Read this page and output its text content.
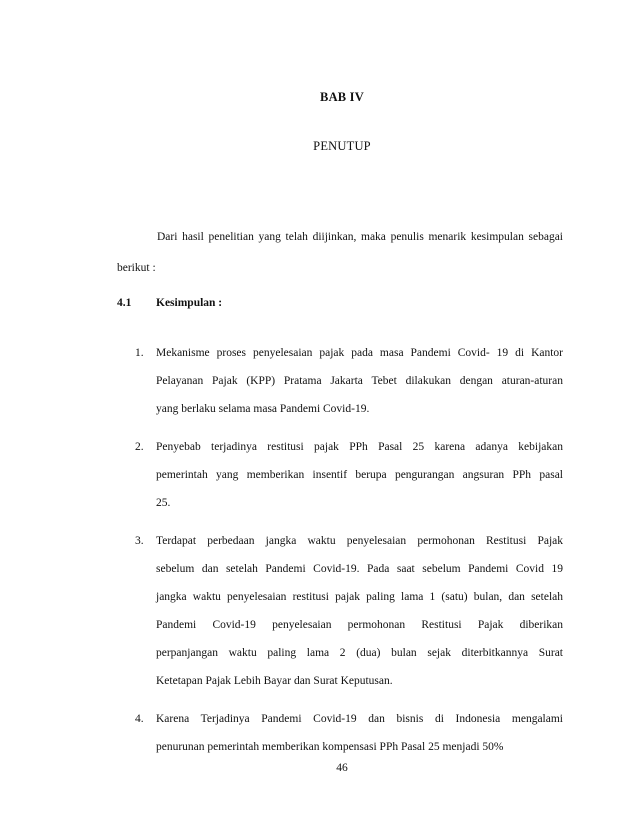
BAB IV
PENUTUP

Dari hasil penelitian yang telah diijinkan, maka penulis menarik kesimpulan sebagai berikut :

4.1 Kesimpulan :
1. Mekanisme proses penyelesaian pajak pada masa Pandemi Covid- 19 di Kantor
Pelayanan Pajak (KPP) Pratama Jakarta Tebet dilakukan dengan aturan-aturan
yang berlaku selama masa Pandemi Covid-19.
2. Penyebab terjadinya restitusi pajak PPh Pasal 25 karena adanya kebijakan
pemerintah yang memberikan insentif berupa pengurangan angsuran PPh pasal
25.
3. Terdapat perbedaan jangka waktu penyelesaian permohonan Restitusi Pajak
sebelum dan setelah Pandemi Covid-19. Pada saat sebelum Pandemi Covid 19
jangka waktu penyelesaian restitusi pajak paling lama 1 (satu) bulan, dan setelah
Pandemi Covid-19 penyelesaian permohonan Restitusi Pajak diberikan
perpanjangan waktu paling lama 2 (dua) bulan sejak diterbitkannya Surat
Ketetapan Pajak Lebih Bayar dan Surat Keputusan.
4. Karena Terjadinya Pandemi Covid-19 dan bisnis di Indonesia mengalami
penurunan pemerintah memberikan kompensasi PPh Pasal 25 menjadi 50%
46
